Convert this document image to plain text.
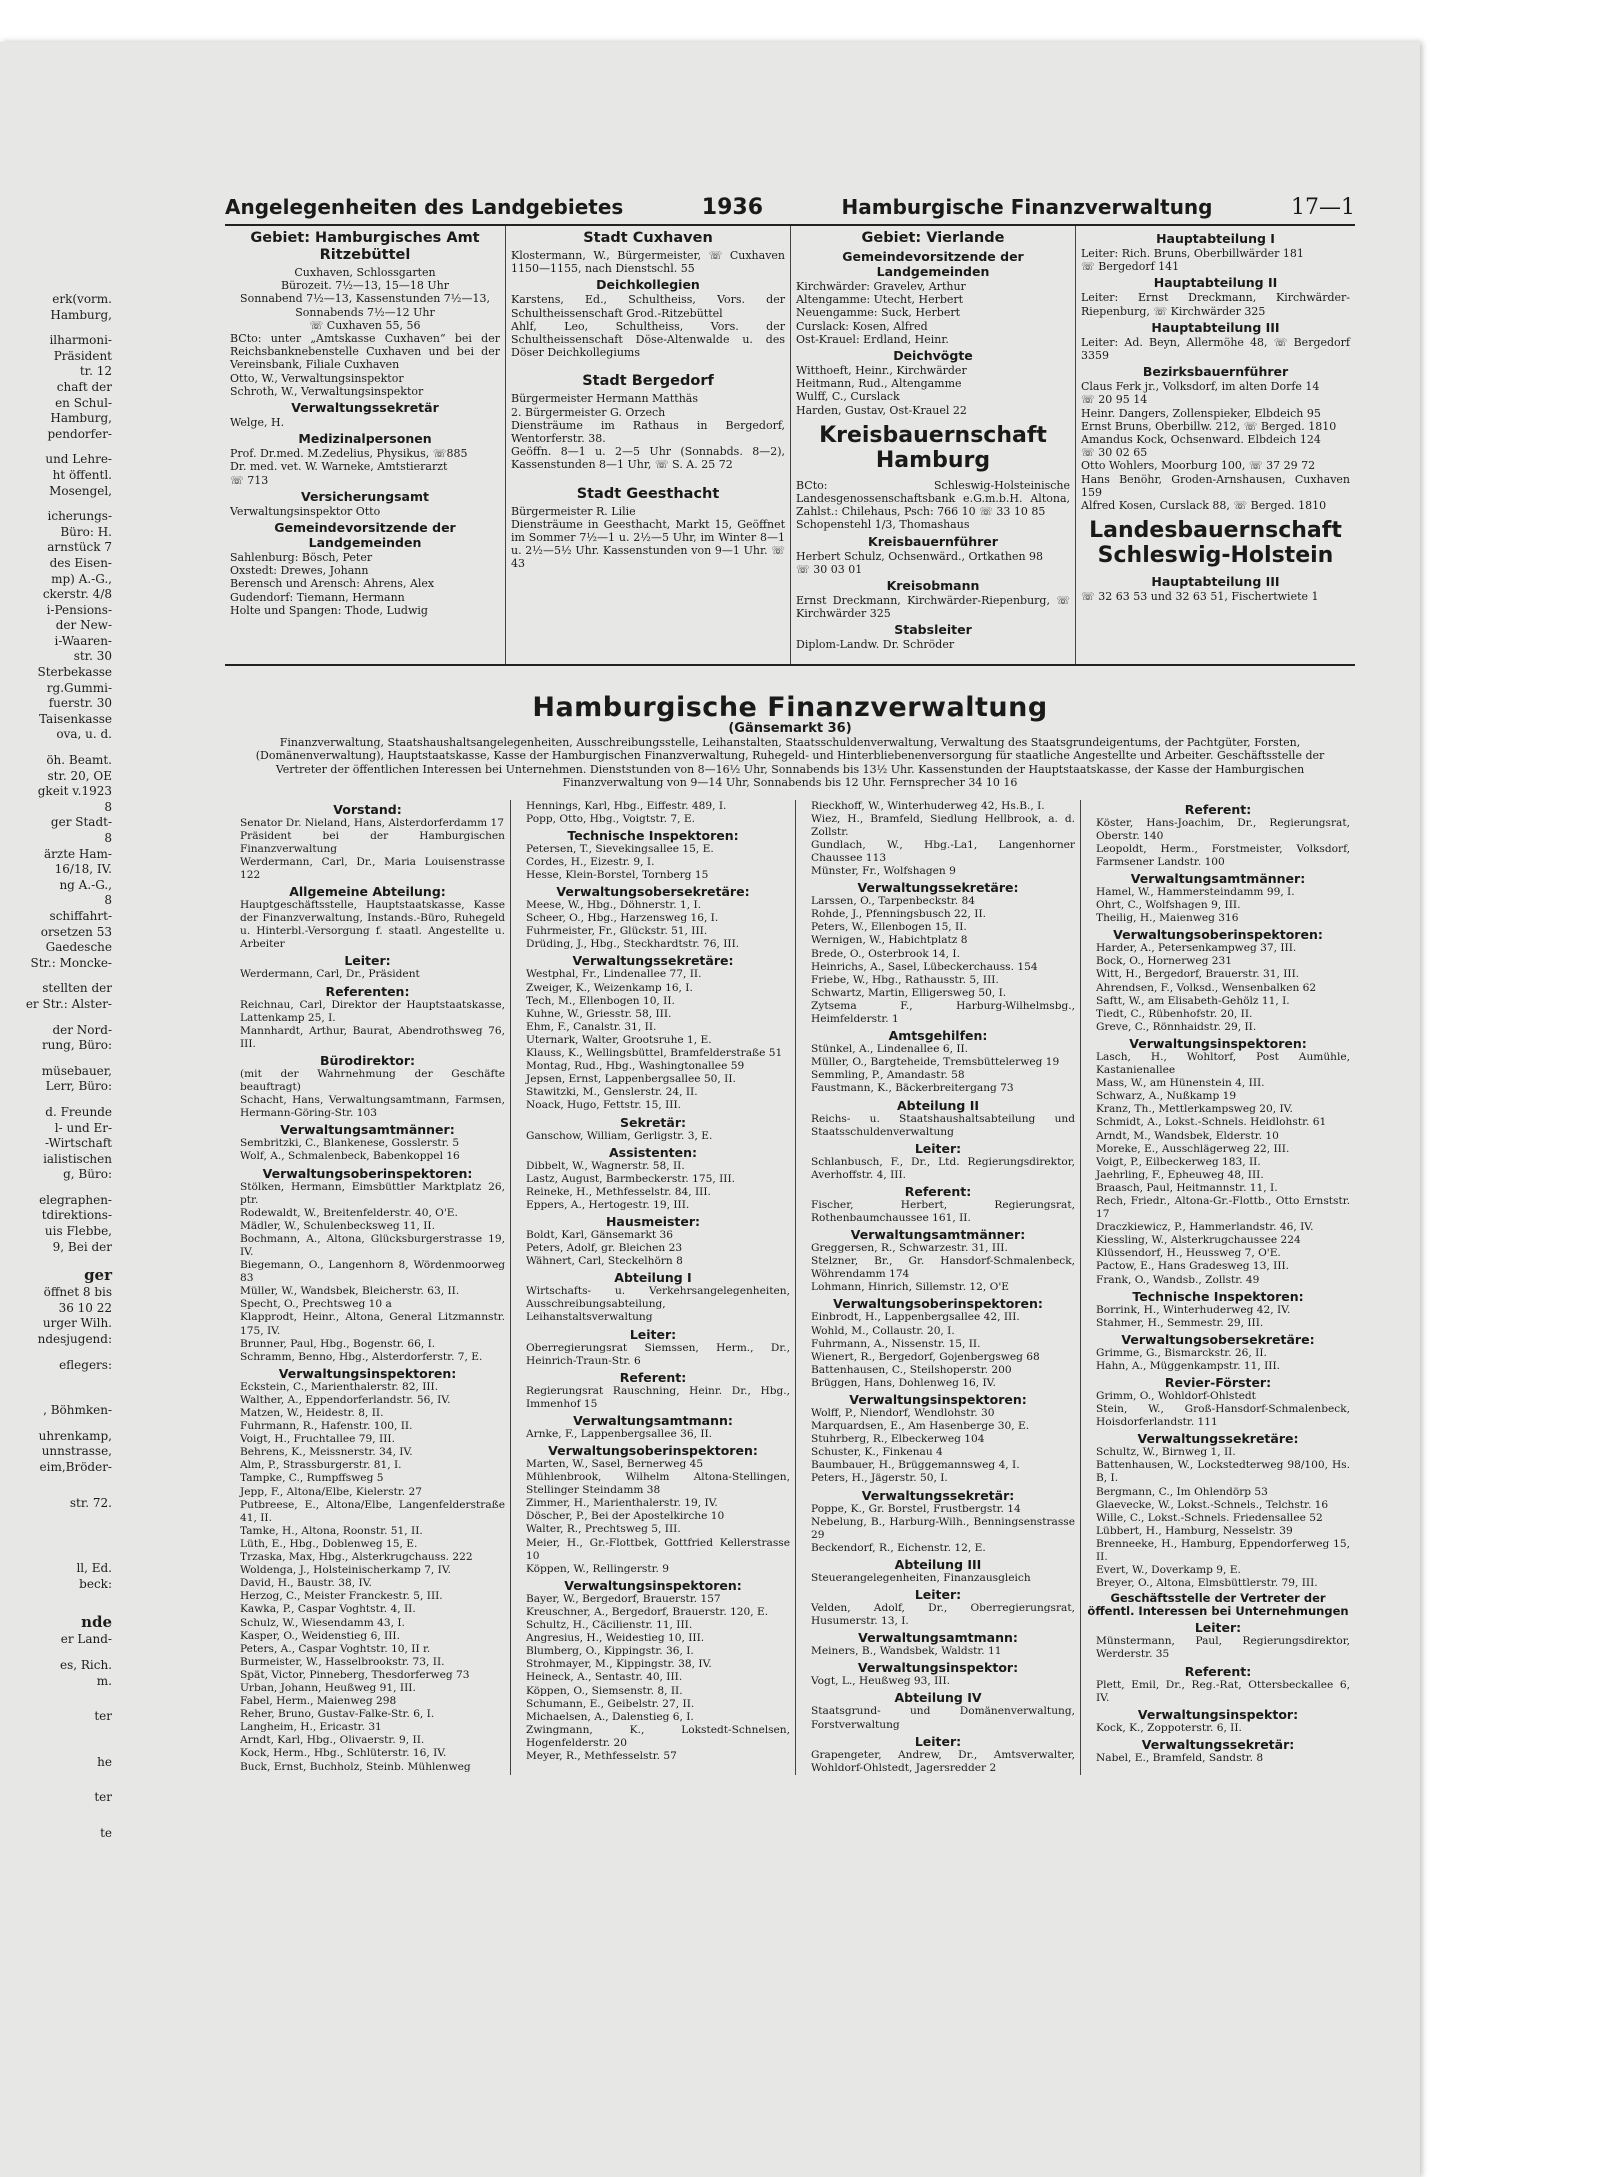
erk(vorm.
Hamburg,
ilharmoni-
Präsident
tr. 12
chaft der
en Schul-
Hamburg,
pendorfer-
und Lehre-
ht öffentl.
Mosengel,
icherungs-
Büro: H.
arnstück 7
des Eisen-
mp) A.-G.,
ckerstr. 4/8
i-Pensions-
der New-
i-Waaren-
str. 30
Sterbekasse
rg.Gummi-
fuerstr. 30
Taisenkasse
ova, u. d.
öh. Beamt.
str. 20, OE
gkeit v.1923
8
ger Stadt-
8
ärzte Ham-
16/18, IV.
ng A.-G.,
8
schiffahrt-
orsetzen 53
Gaedesche
Str.: Moncke-
stellten der
er Str.: Alster-
der Nord-
rung, Büro:
müsebauer,
Lerr, Büro:
d. Freunde
l- und Er-
-Wirtschaft
ialistischen
g, Büro:
elegraphen-
tdirektions-
uis Flebbe,
9, Bei der
ger
öffnet 8 bis
36 10 22
urger Wilh.
ndesjugend:
eflegers:
, Böhmken-
uhrenkamp,
unnstrasse,
eim,Bröder-
str. 72.
ll, Ed.
beck:
nde
er Land-
es, Rich.
m.
ter
he
ter
te
Angelegenheiten des Landgebietes	1936	Hamburgische Finanzverwaltung	17—1
Gebiet: Hamburgisches Amt Ritzebüttel
Cuxhaven, Schlossgarten
Bürozeit. 7½—13, 15—18 Uhr
Sonnabend 7½—13, Kassenstunden 7½—13,
Sonnabends 7½—12 Uhr
☏ Cuxhaven 55, 56
BCto: unter „Amtskasse Cuxhaven“ bei der Reichsbanknebenstelle Cuxhaven und bei der Vereinsbank, Filiale Cuxhaven
Otto, W., Verwaltungsinspektor
Schroth, W., Verwaltungsinspektor
Verwaltungssekretär
Welge, H.
Medizinalpersonen
Prof. Dr.med. M.Zedelius, Physikus, ☏885
Dr. med. vet. W. Warneke, Amtstierarzt
☏ 713
Versicherungsamt
Verwaltungsinspektor Otto
Gemeindevorsitzende der Landgemeinden
Sahlenburg: Bösch, Peter
Oxstedt: Drewes, Johann
Berensch und Arensch: Ahrens, Alex
Gudendorf: Tiemann, Hermann
Holte und Spangen: Thode, Ludwig
Stadt Cuxhaven
Klostermann, W., Bürgermeister, ☏ Cuxhaven 1150—1155, nach Dienstschl. 55
Deichkollegien
Karstens, Ed., Schultheiss, Vors. der Schultheissenschaft Grod.-Ritzebüttel
Ahlf, Leo, Schultheiss, Vors. der Schultheissenschaft Döse-Altenwalde u. des Döser Deichkollegiums
Stadt Bergedorf
Bürgermeister Hermann Matthäs
2. Bürgermeister G. Orzech
Diensträume im Rathaus in Bergedorf, Wentorferstr. 38.
Geöffn. 8—1 u. 2—5 Uhr (Sonnabds. 8—2), Kassenstunden 8—1 Uhr, ☏ S. A. 25 72
Stadt Geesthacht
Bürgermeister R. Lilie
Diensträume in Geesthacht, Markt 15, Geöffnet im Sommer 7½—1 u. 2½—5 Uhr, im Winter 8—1 u. 2½—5½ Uhr. Kassenstunden von 9—1 Uhr. ☏ 43
Gebiet: Vierlande
Gemeindevorsitzende der Landgemeinden
Kirchwärder: Gravelev, Arthur
Altengamme: Utecht, Herbert
Neuengamme: Suck, Herbert
Curslack: Kosen, Alfred
Ost-Krauel: Erdland, Heinr.
Deichvögte
Witthoeft, Heinr., Kirchwärder
Heitmann, Rud., Altengamme
Wulff, C., Curslack
Harden, Gustav, Ost-Krauel 22
Kreisbauernschaft Hamburg
BCto: Schleswig-Holsteinische Landesgenossenschaftsbank e.G.m.b.H. Altona, Zahlst.: Chilehaus, Psch: 766 10 ☏ 33 10 85
Schopenstehl 1/3, Thomashaus
Kreisbauernführer
Herbert Schulz, Ochsenwärd., Ortkathen 98
☏ 30 03 01
Kreisobmann
Ernst Dreckmann, Kirchwärder-Riepenburg, ☏ Kirchwärder 325
Stabsleiter
Diplom-Landw. Dr. Schröder
Hauptabteilung I
Leiter: Rich. Bruns, Oberbillwärder 181
☏ Bergedorf 141
Hauptabteilung II
Leiter: Ernst Dreckmann, Kirchwärder-Riepenburg, ☏ Kirchwärder 325
Hauptabteilung III
Leiter: Ad. Beyn, Allermöhe 48, ☏ Bergedorf 3359
Bezirksbauernführer
Claus Ferk jr., Volksdorf, im alten Dorfe 14
☏ 20 95 14
Heinr. Dangers, Zollenspieker, Elbdeich 95
Ernst Bruns, Oberbillw. 212, ☏ Berged. 1810
Amandus Kock, Ochsenward. Elbdeich 124
☏ 30 02 65
Otto Wohlers, Moorburg 100, ☏ 37 29 72
Hans Benöhr, Groden-Arnshausen, Cuxhaven 159
Alfred Kosen, Curslack 88, ☏ Berged. 1810
Landesbauernschaft Schleswig-Holstein
Hauptabteilung III
☏ 32 63 53 und 32 63 51, Fischertwiete 1
Hamburgische Finanzverwaltung
(Gänsemarkt 36)
Finanzverwaltung, Staatshaushaltsangelegenheiten, Ausschreibungsstelle, Leihanstalten, Staatsschuldenverwaltung, Verwaltung des Staatsgrundeigentums, der Pachtgüter, Forsten, (Domänenverwaltung), Hauptstaatskasse, Kasse der Hamburgischen Finanzverwaltung, Ruhegeld- und Hinterbliebenenversorgung für staatliche Angestellte und Arbeiter. Geschäftsstelle der Vertreter der öffentlichen Interessen bei Unternehmen. Dienststunden von 8—16½ Uhr, Sonnabends bis 13½ Uhr. Kassenstunden der Hauptstaatskasse, der Kasse der Hamburgischen Finanzverwaltung von 9—14 Uhr, Sonnabends bis 12 Uhr. Fernsprecher 34 10 16
Vorstand:
Senator Dr. Nieland, Hans, Alsterdorferdamm 17
Präsident bei der Hamburgischen Finanzverwaltung
Werdermann, Carl, Dr., Maria Louisenstrasse 122
Allgemeine Abteilung:
Hauptgeschäftsstelle, Hauptstaatskasse, Kasse der Finanzverwaltung, Instands.-Büro, Ruhegeld u. Hinterbl.-Versorgung f. staatl. Angestellte u. Arbeiter
Leiter:
Werdermann, Carl, Dr., Präsident
Referenten:
Reichnau, Carl, Direktor der Hauptstaatskasse, Lattenkamp 25, I.
Mannhardt, Arthur, Baurat, Abendrothsweg 76, III.
Bürodirektor:
(mit der Wahrnehmung der Geschäfte beauftragt)
Schacht, Hans, Verwaltungsamtmann, Farmsen, Hermann-Göring-Str. 103
Verwaltungsamtmänner:
Sembritzki, C., Blankenese, Gosslerstr. 5
Wolf, A., Schmalenbeck, Babenkoppel 16
Verwaltungsoberinspektoren:
Stölken, Hermann, Eimsbüttler Marktplatz 26, ptr.
Rodewaldt, W., Breitenfelderstr. 40, O'E.
Mädler, W., Schulenbecksweg 11, II.
Bochmann, A., Altona, Glücksburgerstrasse 19, IV.
Biegemann, O., Langenhorn 8, Wördenmoorweg 83
Müller, W., Wandsbek, Bleicherstr. 63, II.
Specht, O., Prechtsweg 10 a
Klapprodt, Heinr., Altona, General Litzmannstr. 175, IV.
Brunner, Paul, Hbg., Bogenstr. 66, I.
Schramm, Benno, Hbg., Alsterdorferstr. 7, E.
Verwaltungsinspektoren:
Eckstein, C., Marienthalerstr. 82, III.
Walther, A., Eppendorferlandstr. 56, IV.
Matzen, W., Heidestr. 8, II.
Fuhrmann, R., Hafenstr. 100, II.
Voigt, H., Fruchtallee 79, III.
Behrens, K., Meissnerstr. 34, IV.
Alm, P., Strassburgerstr. 81, I.
Tampke, C., Rumpffsweg 5
Jepp, F., Altona/Elbe, Kielerstr. 27
Putbreese, E., Altona/Elbe, Langenfelderstraße 41, II.
Tamke, H., Altona, Roonstr. 51, II.
Lüth, E., Hbg., Doblenweg 15, E.
Trzaska, Max, Hbg., Alsterkrugchauss. 222
Woldenga, J., Holsteinischerkamp 7, IV.
David, H., Baustr. 38, IV.
Herzog, C., Meister Franckestr. 5, III.
Kawka, P., Caspar Voghtstr. 4, II.
Schulz, W., Wiesendamm 43, I.
Kasper, O., Weidenstieg 6, III.
Peters, A., Caspar Voghtstr. 10, II r.
Burmeister, W., Hasselbrookstr. 73, II.
Spät, Victor, Pinneberg, Thesdorferweg 73
Urban, Johann, Heußweg 91, III.
Fabel, Herm., Maienweg 298
Reher, Bruno, Gustav-Falke-Str. 6, I.
Langheim, H., Ericastr. 31
Arndt, Karl, Hbg., Olivaerstr. 9, II.
Kock, Herm., Hbg., Schlüterstr. 16, IV.
Buck, Ernst, Buchholz, Steinb. Mühlenweg
Hennings, Karl, Hbg., Eiffestr. 489, I.
Popp, Otto, Hbg., Voigtstr. 7, E.
Technische Inspektoren:
Petersen, T., Sievekingsallee 15, E.
Cordes, H., Eizestr. 9, I.
Hesse, Klein-Borstel, Tornberg 15
Verwaltungsobersekretäre:
Meese, W., Hbg., Döhnerstr. 1, I.
Scheer, O., Hbg., Harzensweg 16, I.
Fuhrmeister, Fr., Glückstr. 51, III.
Drüding, J., Hbg., Steckhardtstr. 76, III.
Verwaltungssekretäre:
Westphal, Fr., Lindenallee 77, II.
Zweiger, K., Weizenkamp 16, I.
Tech, M., Ellenbogen 10, II.
Kuhne, W., Griesstr. 58, III.
Ehm, F., Canalstr. 31, II.
Uternark, Walter, Grootsruhe 1, E.
Klauss, K., Wellingsbüttel, Bramfelderstraße 51
Montag, Rud., Hbg., Washingtonallee 59
Jepsen, Ernst, Lappenbergsallee 50, II.
Stawitzki, M., Genslerstr. 24, II.
Noack, Hugo, Fettstr. 15, III.
Sekretär:
Ganschow, William, Gerligstr. 3, E.
Assistenten:
Dibbelt, W., Wagnerstr. 58, II.
Lastz, August, Barmbeckerstr. 175, III.
Reineke, H., Methfesselstr. 84, III.
Eppers, A., Hertogestr. 19, III.
Hausmeister:
Boldt, Karl, Gänsemarkt 36
Peters, Adolf, gr. Bleichen 23
Wähnert, Carl, Steckelhörn 8
Abteilung I
Wirtschafts- u. Verkehrsangelegenheiten, Ausschreibungsabteilung, Leihanstaltsverwaltung
Leiter:
Oberregierungsrat Siemssen, Herm., Dr., Heinrich-Traun-Str. 6
Referent:
Regierungsrat Rauschning, Heinr. Dr., Hbg., Immenhof 15
Verwaltungsamtmann:
Arnke, F., Lappenbergsallee 36, II.
Verwaltungsoberinspektoren:
Marten, W., Sasel, Bernerweg 45
Mühlenbrook, Wilhelm Altona-Stellingen, Stellinger Steindamm 38
Zimmer, H., Marienthalerstr. 19, IV.
Döscher, P., Bei der Apostelkirche 10
Walter, R., Prechtsweg 5, III.
Meier, H., Gr.-Flottbek, Gottfried Kellerstrasse 10
Köppen, W., Rellingerstr. 9
Verwaltungsinspektoren:
Bayer, W., Bergedorf, Brauerstr. 157
Kreuschner, A., Bergedorf, Brauerstr. 120, E.
Schultz, H., Cäcilienstr. 11, III.
Angresius, H., Weidestieg 10, III.
Blumberg, O., Kippingstr. 36, I.
Strohmayer, M., Kippingstr. 38, IV.
Heineck, A., Sentastr. 40, III.
Köppen, O., Siemsenstr. 8, II.
Schumann, E., Geibelstr. 27, II.
Michaelsen, A., Dalenstieg 6, I.
Zwingmann, K., Lokstedt-Schnelsen, Hogenfelderstr. 20
Meyer, R., Methfesselstr. 57
Rieckhoff, W., Winterhuderweg 42, Hs.B., I.
Wiez, H., Bramfeld, Siedlung Hellbrook, a. d. Zollstr.
Gundlach, W., Hbg.-La1, Langenhorner Chaussee 113
Münster, Fr., Wolfshagen 9
Verwaltungssekretäre:
Larssen, O., Tarpenbeckstr. 84
Rohde, J., Pfenningsbusch 22, II.
Peters, W., Ellenbogen 15, II.
Wernigen, W., Habichtplatz 8
Brede, O., Osterbrook 14, I.
Heinrichs, A., Sasel, Lübeckerchauss. 154
Friebe, W., Hbg., Rathausstr. 5, III.
Schwartz, Martin, Elligersweg 50, I.
Zytsema F., Harburg-Wilhelmsbg., Heimfelderstr. 1
Amtsgehilfen:
Stünkel, A., Lindenallee 6, II.
Müller, O., Bargteheide, Tremsbüttelerweg 19
Semmling, P., Amandastr. 58
Faustmann, K., Bäckerbreitergang 73
Abteilung II
Reichs- u. Staatshaushaltsabteilung und Staatsschuldenverwaltung
Leiter:
Schlanbusch, F., Dr., Ltd. Regierungsdirektor, Averhoffstr. 4, III.
Referent:
Fischer, Herbert, Regierungsrat, Rothenbaumchaussee 161, II.
Verwaltungsamtmänner:
Greggersen, R., Schwarzestr. 31, III.
Stelzner, Br., Gr. Hansdorf-Schmalenbeck, Wöhrendamm 174
Lohmann, Hinrich, Sillemstr. 12, O'E
Verwaltungsoberinspektoren:
Einbrodt, H., Lappenbergsallee 42, III.
Wohld, M., Collaustr. 20, I.
Fuhrmann, A., Nissenstr. 15, II.
Wienert, R., Bergedorf, Gojenbergsweg 68
Battenhausen, C., Steilshoperstr. 200
Brüggen, Hans, Dohlenweg 16, IV.
Verwaltungsinspektoren:
Wolff, P., Niendorf, Wendlohstr. 30
Marquardsen, E., Am Hasenberge 30, E.
Stuhrberg, R., Elbeckerweg 104
Schuster, K., Finkenau 4
Baumbauer, H., Brüggemannsweg 4, I.
Peters, H., Jägerstr. 50, I.
Verwaltungssekretär:
Poppe, K., Gr. Borstel, Frustbergstr. 14
Nebelung, B., Harburg-Wilh., Benningsenstrasse 29
Beckendorf, R., Eichenstr. 12, E.
Abteilung III
Steuerangelegenheiten, Finanzausgleich
Leiter:
Velden, Adolf, Dr., Oberregierungsrat, Husumerstr. 13, I.
Verwaltungsamtmann:
Meiners, B., Wandsbek, Waldstr. 11
Verwaltungsinspektor:
Vogt, L., Heußweg 93, III.
Abteilung IV
Staatsgrund- und Domänenverwaltung, Forstverwaltung
Leiter:
Grapengeter, Andrew, Dr., Amtsverwalter, Wohldorf-Ohlstedt, Jagersredder 2
Referent:
Köster, Hans-Joachim, Dr., Regierungsrat, Oberstr. 140
Leopoldt, Herm., Forstmeister, Volksdorf, Farmsener Landstr. 100
Verwaltungsamtmänner:
Hamel, W., Hammersteindamm 99, I.
Ohrt, C., Wolfshagen 9, III.
Theilig, H., Maienweg 316
Verwaltungsoberinspektoren:
Harder, A., Petersenkampweg 37, III.
Bock, O., Hornerweg 231
Witt, H., Bergedorf, Brauerstr. 31, III.
Ahrendsen, F., Volksd., Wensenbalken 62
Saftt, W., am Elisabeth-Gehölz 11, I.
Tiedt, C., Rübenhofstr. 20, II.
Greve, C., Rönnhaidstr. 29, II.
Verwaltungsinspektoren:
Lasch, H., Wohltorf, Post Aumühle, Kastanienallee
Mass, W., am Hünenstein 4, III.
Schwarz, A., Nußkamp 19
Kranz, Th., Mettlerkampsweg 20, IV.
Schmidt, A., Lokst.-Schnels. Heidlohstr. 61
Arndt, M., Wandsbek, Elderstr. 10
Moreke, E., Ausschlägerweg 22, III.
Voigt, P., Eilbeckerweg 183, II.
Jaehrling, F., Epheuweg 48, III.
Braasch, Paul, Heitmannstr. 11, I.
Rech, Friedr., Altona-Gr.-Flottb., Otto Ernststr. 17
Draczkiewicz, P., Hammerlandstr. 46, IV.
Kiessling, W., Alsterkrugchaussee 224
Klüssendorf, H., Heussweg 7, O'E.
Pactow, E., Hans Gradesweg 13, III.
Frank, O., Wandsb., Zollstr. 49
Technische Inspektoren:
Borrink, H., Winterhuderweg 42, IV.
Stahmer, H., Semmestr. 29, III.
Verwaltungsobersekretäre:
Grimme, G., Bismarckstr. 26, II.
Hahn, A., Müggenkampstr. 11, III.
Revier-Förster:
Grimm, O., Wohldorf-Ohlstedt
Stein, W., Groß-Hansdorf-Schmalenbeck, Hoisdorferlandstr. 111
Verwaltungssekretäre:
Schultz, W., Birnweg 1, II.
Battenhausen, W., Lockstedterweg 98/100, Hs. B, I.
Bergmann, C., Im Ohlendörp 53
Glaevecke, W., Lokst.-Schnels., Telchstr. 16
Wille, C., Lokst.-Schnels. Friedensallee 52
Lübbert, H., Hamburg, Nesselstr. 39
Brenneeke, H., Hamburg, Eppendorferweg 15, II.
Evert, W., Doverkamp 9, E.
Breyer, O., Altona, Elmsbüttlerstr. 79, III.
Geschäftsstelle der Vertreter der öffentl. Interessen bei Unternehmungen
Leiter:
Münstermann, Paul, Regierungsdirektor, Werderstr. 35
Referent:
Plett, Emil, Dr., Reg.-Rat, Ottersbeckallee 6, IV.
Verwaltungsinspektor:
Kock, K., Zoppoterstr. 6, II.
Verwaltungssekretär:
Nabel, E., Bramfeld, Sandstr. 8
